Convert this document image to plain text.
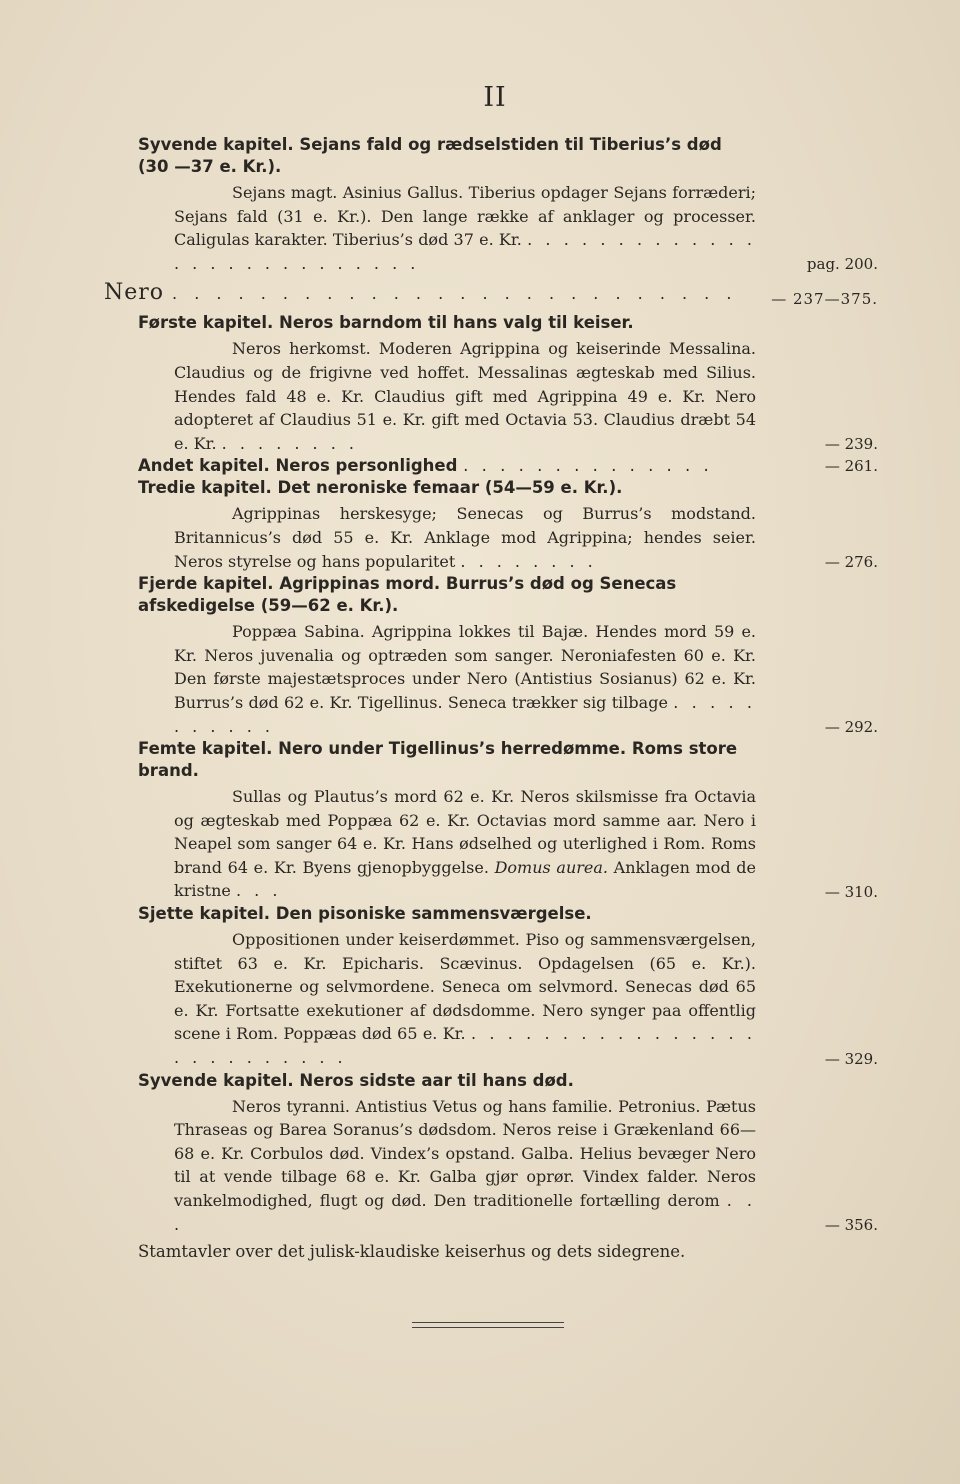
II

Syvende kapitel. Sejans fald og rædselstiden til Tiberius’s død (30 —37 e. Kr.).

Sejans magt. Asinius Gallus. Tiberius opdager Sejans forræderi; Sejans fald (31 e. Kr.). Den lange række af anklager og processer. Caligulas karakter. Tiberius’s død 37 e. Kr. . . . . . . . . . . . . . . . . . . . . . . . . . . .	pag. 200.
Nero . . . . . . . . . . . . . . . . . . . . . . . . . . — 237—375.

Første kapitel. Neros barndom til hans valg til keiser.

Neros herkomst. Moderen Agrippina og keiserinde Messalina. Claudius og de frigivne ved hoffet. Messalinas ægteskab med Silius. Hendes fald 48 e. Kr. Claudius gift med Agrippina 49 e. Kr. Nero adopteret af Claudius 51 e. Kr. gift med Octavia 53. Claudius dræbt 54 e. Kr. . . . . . . . .	— 239.

Andet kapitel. Neros personlighed . . . . . . . . . . . . . .	— 261.

Tredie kapitel. Det neroniske femaar (54—59 e. Kr.).

Agrippinas herskesyge; Senecas og Burrus’s modstand. Britannicus’s død 55 e. Kr. Anklage mod Agrippina; hendes seier. Neros styrelse og hans popularitet . . . . . . . .	— 276.

Fjerde kapitel. Agrippinas mord. Burrus’s død og Senecas afskedigelse (59—62 e. Kr.).

Poppæa Sabina. Agrippina lokkes til Bajæ. Hendes mord 59 e. Kr. Neros juvenalia og optræden som sanger. Neroniafesten 60 e. Kr. Den første majestætsproces under Nero (Antistius Sosianus) 62 e. Kr. Burrus’s død 62 e. Kr. Tigellinus. Seneca trækker sig tilbage . . . . . . . . . . .	— 292.

Femte kapitel. Nero under Tigellinus’s herredømme. Roms store brand.

Sullas og Plautus’s mord 62 e. Kr. Neros skilsmisse fra Octavia og ægteskab med Poppæa 62 e. Kr. Octavias mord samme aar. Nero i Neapel som sanger 64 e. Kr. Hans ødselhed og uterlighed i Rom. Roms brand 64 e. Kr. Byens gjenopbyggelse. Domus aurea. Anklagen mod de kristne . . .	— 310.

Sjette kapitel. Den pisoniske sammensværgelse.

Oppositionen under keiserdømmet. Piso og sammensværgelsen, stiftet 63 e. Kr. Epicharis. Scævinus. Opdagelsen (65 e. Kr.). Exekutionerne og selvmordene. Seneca om selvmord. Senecas død 65 e. Kr. Fortsatte exekutioner af dødsdomme. Nero synger paa offentlig scene i Rom. Poppæas død 65 e. Kr. . . . . . . . . . . . . . . . . . . . . . . . . . .	— 329.

Syvende kapitel. Neros sidste aar til hans død.

Neros tyranni. Antistius Vetus og hans familie. Petronius. Pætus Thraseas og Barea Soranus’s dødsdom. Neros reise i Grækenland 66—68 e. Kr. Corbulos død. Vindex’s opstand. Galba. Helius bevæger Nero til at vende tilbage 68 e. Kr. Galba gjør oprør. Vindex falder. Neros vankelmodighed, flugt og død. Den traditionelle fortælling derom . . .	— 356.

Stamtavler over det julisk-klaudiske keiserhus og dets sidegrene.
